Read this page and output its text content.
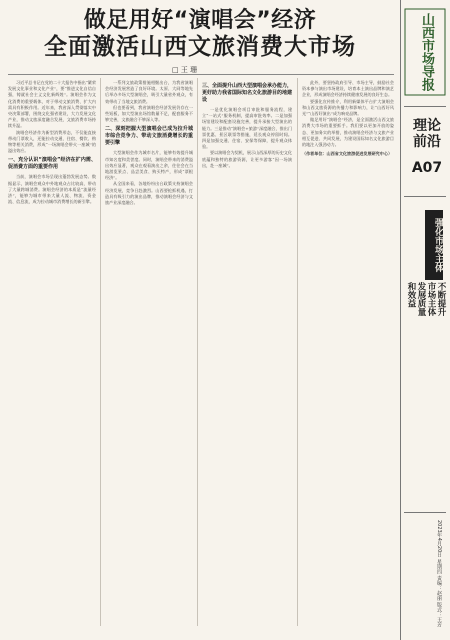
做足用好“演唱会”经济
全面激活山西文旅消费大市场
□ 王 珊

习近平总书记在党的二十大报告中指出“繁荣发展文化事业和文化产业”，要“推进文化自信自强，铸就社会主义文化新辉煌”。演唱会作为文化消费的重要载体，对于带动文旅消费、扩大内需具有积极作用。近年来，我省深入贯彻落实中央决策部署，围绕文化强省建设，大力发展文化产业，推动文旅深度融合发展，文旅消费市场持续升温。

演唱会经济作为新型消费形态，不仅能直接带动门票收入，还能拉动交通、住宿、餐饮、购物等相关消费，形成“一场演唱会带火一座城”的溢出效应。

一、充分认识“演唱会”经济在扩内需、促消费方面的重要作用

当前，演唱会市场呈现出蓬勃发展态势。数据显示，演唱会观众中外地观众占比较高，带动了大量跨城消费。演唱会经济的本质是“流量经济”，能够为城市带来大量人流、物流、资金流、信息流，成为拉动城市消费增长的新引擎。

一系列文旅政策措施相继出台，为我省演唱会经济发展营造了良好环境。太原、大同等地先后举办多场大型演唱会，吸引大量省外观众，有效带动了当地文旅消费。

但也要看到，我省演唱会经济发展仍存在一些短板，如大型演出场馆数量不足，配套服务不够完善，文旅融合不够深入等。

二、深刻把握大型演唱会已成为拉升城市综合竞争力、带动文旅消费增长的重要引擎

大型演唱会作为城市名片，能够有效提升城市知名度和美誉度。同时，演唱会带来的消费溢出效应显著，观众在观看演出之余，往往会在当地游览景点、品尝美食、购买特产，形成“票根经济”。

从全国来看，各地纷纷出台政策支持演唱会经济发展，竞争日趋激烈。山西要抢抓机遇，打造具有吸引力的演出品牌，推动演唱会经济与文旅产业深度融合。

三、全面提升山西大型演唱会承办能力，更好助力我省国际知名文化旅游目的地建设

一是优化演唱会项目审批和服务流程，建立“一站式”服务机制，提高审批效率。二是加强场馆建设和配套设施完善，提升承接大型演出的能力。三是推动“演唱会+旅游”深度融合，推出门票优惠、景区联票等措施，延长观众停留时间。四是加强交通、住宿、安保等保障，提升观众体验。

要以演唱会为契机，展示山西深厚的历史文化底蕴和独特的旅游资源，让更多游客“因一场演出，赴一座城”。

此外，要坚持政府引导、市场主导，鼓励社会资本参与演出市场建设，培育本土演出品牌和演艺企业，形成演唱会经济持续健康发展的良好生态。

要强化宣传推介，利用新媒体平台扩大演唱会和山西文旅资源的传播力和影响力，让“山西好风光”“山西好演出”成为响亮品牌。

做足用好“演唱会”经济，是全面激活山西文旅消费大市场的重要抓手。我们要以更加开放的姿态、更加务实的举措，推动演唱会经济与文旅产业相互促进、共同发展，为建设国际知名文化旅游目的地注入强劲动力。

（作者单位：山西省文化旅游促进发展研究中心）

山西市场导报
理论前沿
A07
强化市场主体
不断提升
市场主体
发展质量
和效益
2023年4月20日 星期四 责编：赵丽 版式：王芳
